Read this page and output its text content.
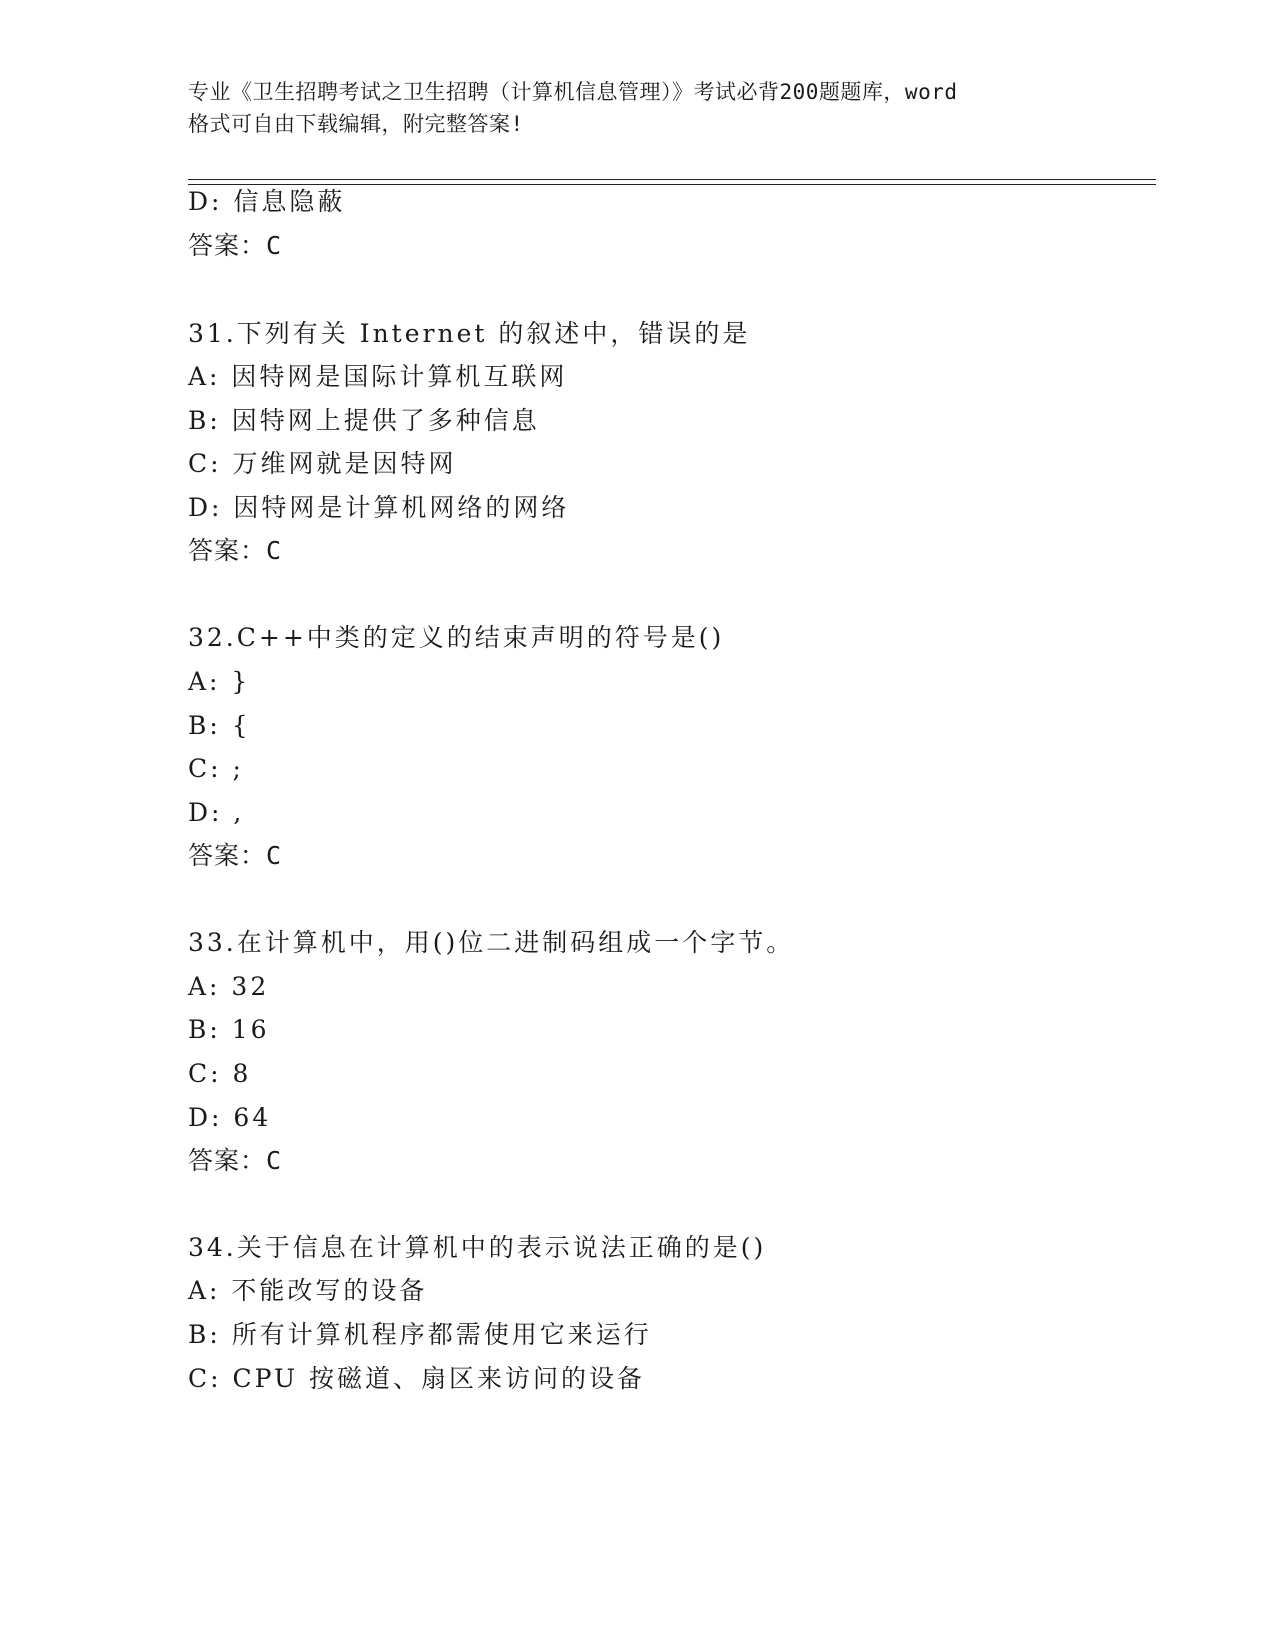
专业《卫生招聘考试之卫生招聘（计算机信息管理）》考试必背200题题库，word
格式可自由下载编辑，附完整答案!
D: 信息隐蔽
答案：C
31.下列有关 Internet 的叙述中，错误的是
A: 因特网是国际计算机互联网
B: 因特网上提供了多种信息
C: 万维网就是因特网
D: 因特网是计算机网络的网络
答案：C
32.C++中类的定义的结束声明的符号是()
A: }
B: {
C: ;
D: ,
答案：C
33.在计算机中，用()位二进制码组成一个字节。
A: 32
B: 16
C: 8
D: 64
答案：C
34.关于信息在计算机中的表示说法正确的是()
A: 不能改写的设备
B: 所有计算机程序都需使用它来运行
C: CPU 按磁道、扇区来访问的设备
